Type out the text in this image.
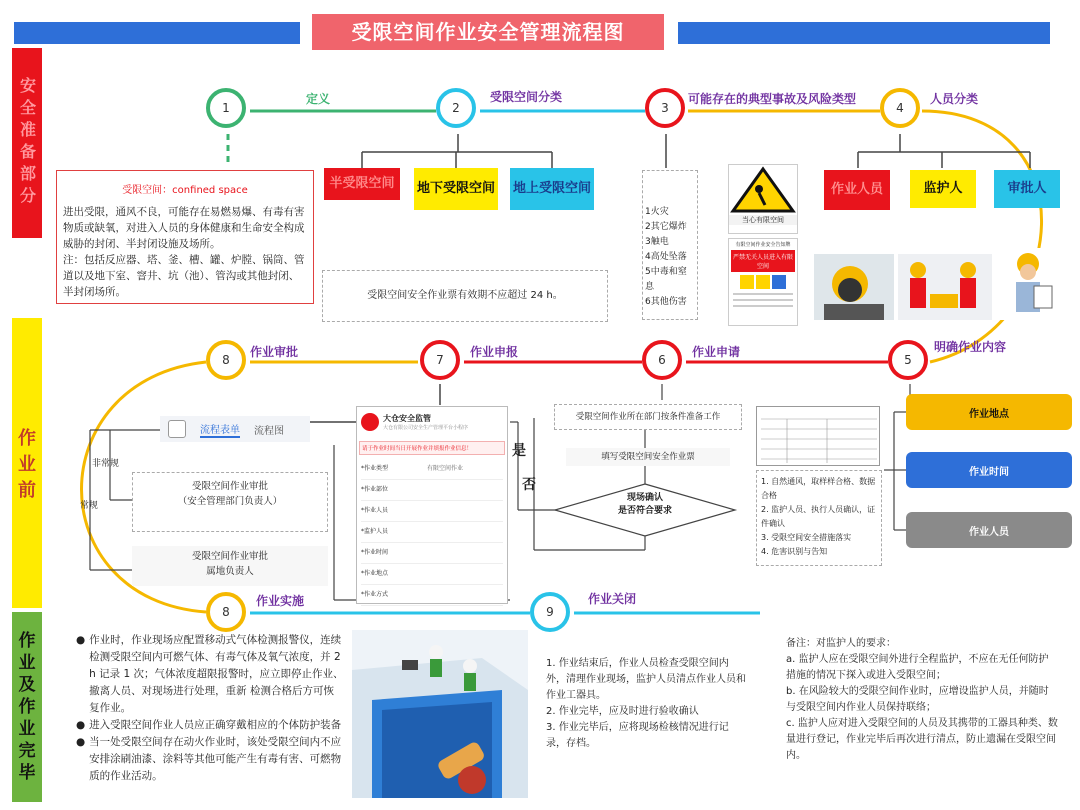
受限空间作业安全管理流程图
安全准备部分
作
业
前
作
业
及
作
业
完
毕
1
定义
2
受限空间分类
3
可能存在的典型事故及风险类型
4
人员分类
5
明确作业内容
6
作业申请
7
作业申报
8
作业审批
8
作业实施
9
作业关闭
受限空间：confined space
进出受限，通风不良，可能存在易燃易爆、有毒有害物质或缺氧，对进入人员的身体健康和生命安全构成威胁的封闭、半封闭设施及场所。
注：包括反应器、塔、釜、槽、罐、炉膛、锅筒、管道以及地下室、窨井、坑（池）、管沟或其他封闭、半封闭场所。
半受限空间	地下受限空间 地上受限空间
受限空间安全作业票有效期不应超过 24 h。
1火灾
2其它爆炸
3触电
4高处坠落
5中毒和窒息
6其他伤害
当心有限空间
有限空间作业安全告知牌
严禁无关人员进入有限空间
作业人员	监护人	审批人
流程表单 流程图
非常规
常规
受限空间作业审批
（安全管理部门负责人）
受限空间作业审批
属地负责人
大仓安全监管
大仓有限公司安全生产管理平台小程序
请于作业时间当日开展作业并填报作业信息！
*作业类型	有限空间作业
*作业部位
*作业人员
*监护人员
*作业时间
*作业地点
*作业方式
是
否
受限空间作业所在部门按条件准备工作
填写受限空间安全作业票
现场确认
是否符合要求
1. 自然通风，取样样合格、数据合格
2. 监护人员、执行人员确认，证件确认
3. 受限空间安全措施落实
4. 危害识别与告知
作业地点
作业时间
作业人员
● 作业时，作业现场应配置移动式气体检测报警仪，连续检测受限空间内可燃气体、有毒气体及氧气浓度，并 2 h 记录 1 次；气体浓度超限报警时，应立即停止作业、撤离人员、对现场进行处理，重新 检测合格后方可恢复作业。
● 进入受限空间作业人员应正确穿戴相应的个体防护装备
● 当一处受限空间存在动火作业时，该处受限空间内不应安排涂刷油漆、涂料等其他可能产生有毒有害、可燃物质的作业活动。
1. 作业结束后，作业人员检查受限空间内外，清理作业现场，监护人员清点作业人员和作业工器具。
2. 作业完毕，应及时进行验收确认
3. 作业完毕后，应将现场检核情况进行记录，存档。
备注：对监护人的要求：
a. 监护人应在受限空间外进行全程监护，不应在无任何防护措施的情况下探入或进入受限空间；
b. 在风险较大的受限空间作业时，应增设监护人员，并随时与受限空间内作业人员保持联络；
c. 监护人应对进入受限空间的人员及其携带的工器具种类、数量进行登记，作业完毕后再次进行清点，防止遗漏在受限空间内。
